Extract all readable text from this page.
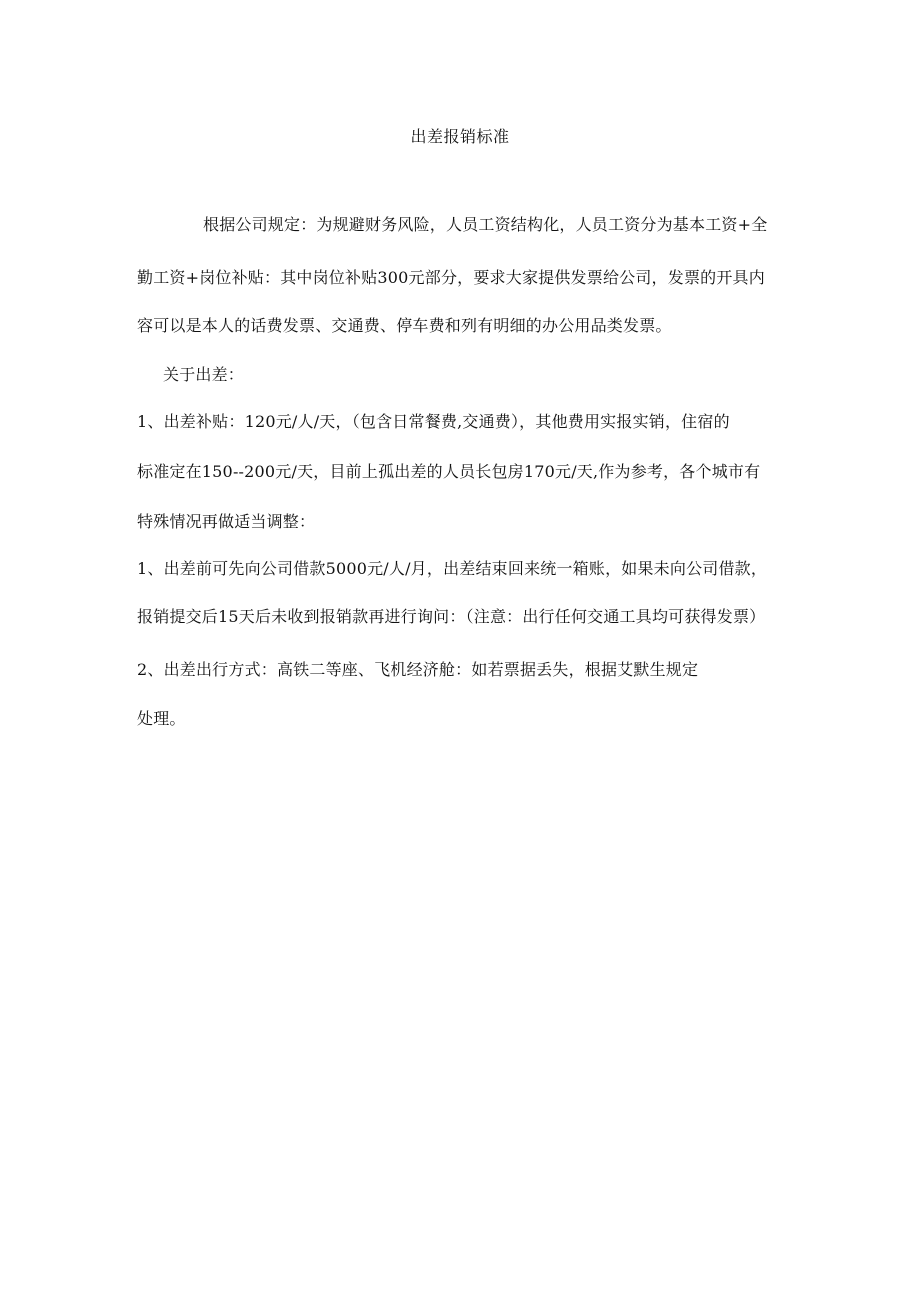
出差报销标准
根据公司规定：为规避财务风险，人员工资结构化，人员工资分为基本工资+全
勤工资+岗位补贴：其中岗位补贴300元部分，要求大家提供发票给公司，发票的开具内
容可以是本人的话费发票、交通费、停车费和列有明细的办公用品类发票。
关于出差：
1、出差补贴：120元/人/天，（包含日常餐费,交通费），其他费用实报实销，住宿的
标准定在150--200元/天，目前上孤出差的人员长包房170元/天,作为参考，各个城市有
特殊情况再做适当调整：
1、出差前可先向公司借款5000元/人/月，出差结束回来统一箱账，如果未向公司借款，
报销提交后15天后未收到报销款再进行询问：（注意：出行任何交通工具均可获得发票）
2、出差出行方式：高铁二等座、飞机经济舱：如若票据丢失，根据艾默生规定
处理。
